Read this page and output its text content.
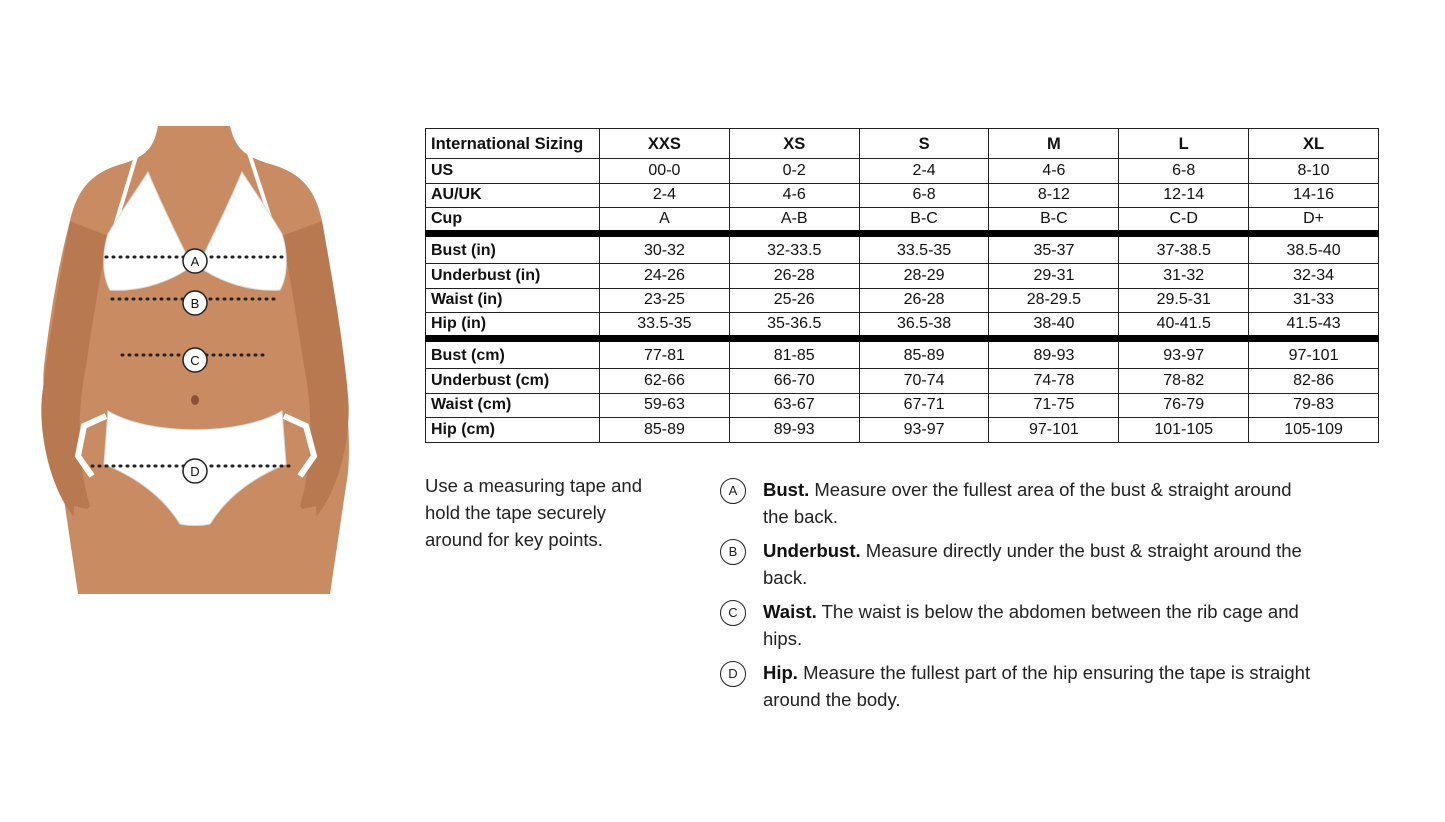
A
B
C
D
International Sizing	XXS	XS	S	M	L	XL
US	00-0	0-2	2-4	4-6	6-8	8-10
AU/UK	2-4	4-6	6-8	8-12	12-14	14-16
Cup	A	A-B	B-C	B-C	C-D	D+
Bust (in)	30-32	32-33.5	33.5-35	35-37	37-38.5	38.5-40
Underbust (in)	24-26	26-28	28-29	29-31	31-32	32-34
Waist (in)	23-25	25-26	26-28	28-29.5	29.5-31	31-33
Hip (in)	33.5-35	35-36.5	36.5-38	38-40	40-41.5	41.5-43
Bust (cm)	77-81	81-85	85-89	89-93	93-97	97-101
Underbust (cm)	62-66	66-70	70-74	74-78	78-82	82-86
Waist (cm)	59-63	63-67	67-71	71-75	76-79	79-83
Hip (cm)	85-89	89-93	93-97	97-101	101-105	105-109

Use a measuring tape and hold the tape securely around for key points.

A	Bust. Measure over the fullest area of the bust & straight around the back.
B	Underbust. Measure directly under the bust & straight around the back.
C	Waist. The waist is below the abdomen between the rib cage and hips.
D	Hip. Measure the fullest part of the hip ensuring the tape is straight around the body.
